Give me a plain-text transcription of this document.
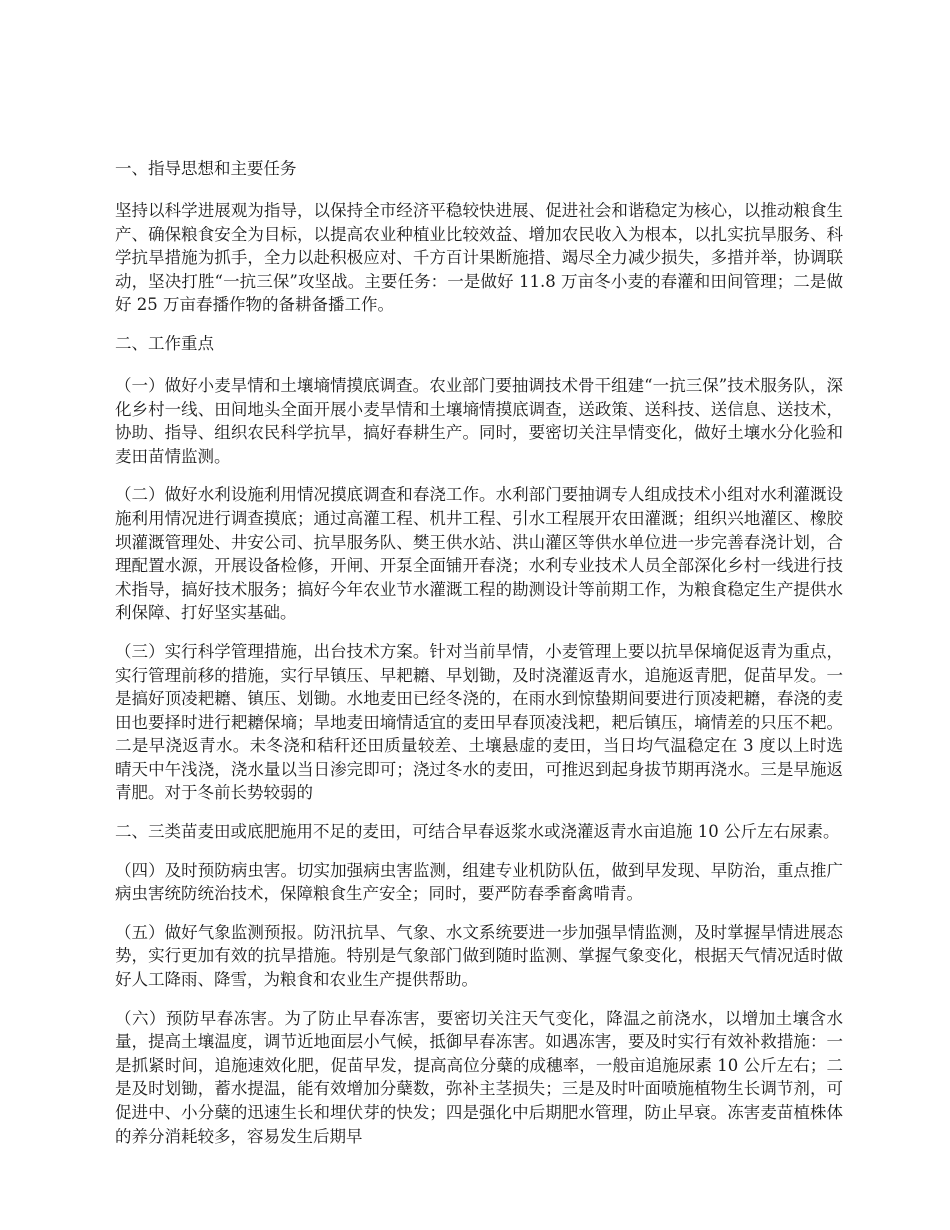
一、指导思想和主要任务

坚持以科学进展观为指导，以保持全市经济平稳较快进展、促进社会和谐稳定为核心，以推动粮食生产、确保粮食安全为目标，以提高农业种植业比较效益、增加农民收入为根本，以扎实抗旱服务、科学抗旱措施为抓手，全力以赴积极应对、千方百计果断施措、竭尽全力减少损失，多措并举，协调联动，坚决打胜“一抗三保”攻坚战。主要任务：一是做好 11.8 万亩冬小麦的春灌和田间管理；二是做好 25 万亩春播作物的备耕备播工作。

二、工作重点

（一）做好小麦旱情和土壤墒情摸底调查。农业部门要抽调技术骨干组建“一抗三保”技术服务队，深化乡村一线、田间地头全面开展小麦旱情和土壤墒情摸底调查，送政策、送科技、送信息、送技术，协助、指导、组织农民科学抗旱，搞好春耕生产。同时，要密切关注旱情变化，做好土壤水分化验和麦田苗情监测。

（二）做好水利设施利用情况摸底调查和春浇工作。水利部门要抽调专人组成技术小组对水利灌溉设施利用情况进行调查摸底；通过高灌工程、机井工程、引水工程展开农田灌溉；组织兴地灌区、橡胶坝灌溉管理处、井安公司、抗旱服务队、樊王供水站、洪山灌区等供水单位进一步完善春浇计划，合理配置水源，开展设备检修，开闸、开泵全面铺开春浇；水利专业技术人员全部深化乡村一线进行技术指导，搞好技术服务；搞好今年农业节水灌溉工程的勘测设计等前期工作，为粮食稳定生产提供水利保障、打好坚实基础。

（三）实行科学管理措施，出台技术方案。针对当前旱情，小麦管理上要以抗旱保墒促返青为重点，实行管理前移的措施，实行早镇压、早耙耱、早划锄，及时浇灌返青水，追施返青肥，促苗早发。一是搞好顶凌耙耱、镇压、划锄。水地麦田已经冬浇的，在雨水到惊蛰期间要进行顶凌耙耱，春浇的麦田也要择时进行耙耱保墒；旱地麦田墒情适宜的麦田早春顶凌浅耙，耙后镇压，墒情差的只压不耙。二是早浇返青水。未冬浇和秸秆还田质量较差、土壤悬虚的麦田，当日均气温稳定在 3 度以上时选晴天中午浅浇，浇水量以当日渗完即可；浇过冬水的麦田，可推迟到起身拔节期再浇水。三是早施返青肥。对于冬前长势较弱的

二、三类苗麦田或底肥施用不足的麦田，可结合早春返浆水或浇灌返青水亩追施 10 公斤左右尿素。

（四）及时预防病虫害。切实加强病虫害监测，组建专业机防队伍，做到早发现、早防治，重点推广病虫害统防统治技术，保障粮食生产安全；同时，要严防春季畜禽啃青。

（五）做好气象监测预报。防汛抗旱、气象、水文系统要进一步加强旱情监测，及时掌握旱情进展态势，实行更加有效的抗旱措施。特别是气象部门做到随时监测、掌握气象变化，根据天气情况适时做好人工降雨、降雪，为粮食和农业生产提供帮助。

（六）预防早春冻害。为了防止早春冻害，要密切关注天气变化，降温之前浇水，以增加土壤含水量，提高土壤温度，调节近地面层小气候，抵御早春冻害。如遇冻害，要及时实行有效补救措施：一是抓紧时间，追施速效化肥，促苗早发，提高高位分蘖的成穗率，一般亩追施尿素 10 公斤左右；二是及时划锄，蓄水提温，能有效增加分蘖数，弥补主茎损失；三是及时叶面喷施植物生长调节剂，可促进中、小分蘖的迅速生长和埋伏芽的快发；四是强化中后期肥水管理，防止早衰。冻害麦苗植株体的养分消耗较多，容易发生后期早
